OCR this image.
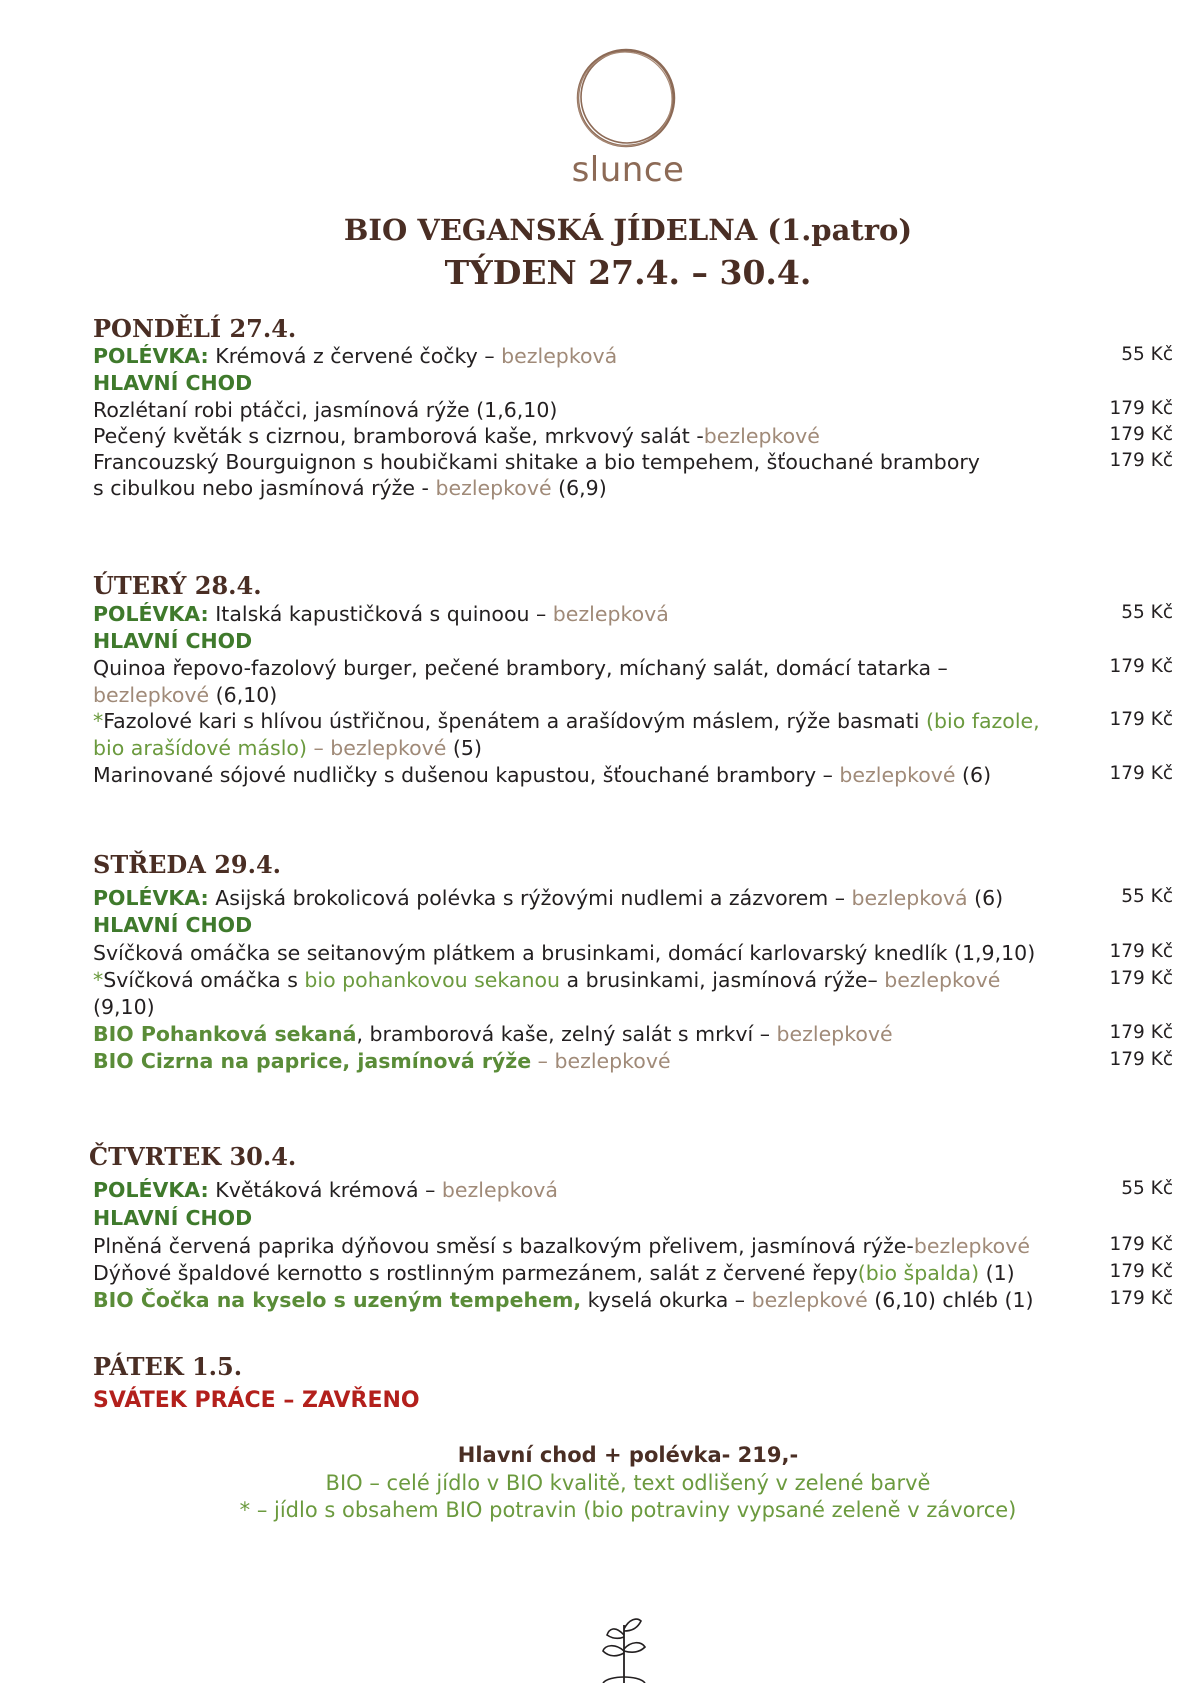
slunce
BIO VEGANSKÁ JÍDELNA (1.patro)
TÝDEN 27.4. – 30.4.
PONDĚLÍ 27.4.
POLÉVKA: Krémová z červené čočky – bezlepková	55 Kč
HLAVNÍ CHOD
Rozlétaní robi ptáčci, jasmínová rýže (1,6,10)	179 Kč
Pečený květák s cizrnou, bramborová kaše, mrkvový salát -bezlepkové	179 Kč
Francouzský Bourguignon s houbičkami shitake a bio tempehem, šťouchané brambory	179 Kč
s cibulkou nebo jasmínová rýže - bezlepkové (6,9)
ÚTERÝ 28.4.
POLÉVKA: Italská kapustičková s quinoou – bezlepková	55 Kč
HLAVNÍ CHOD
Quinoa řepovo-fazolový burger, pečené brambory, míchaný salát, domácí tatarka –	179 Kč
bezlepkové (6,10)
*Fazolové kari s hlívou ústřičnou, špenátem a arašídovým máslem, rýže basmati (bio fazole,	179 Kč
bio arašídové máslo) – bezlepkové (5)
Marinované sójové nudličky s dušenou kapustou, šťouchané brambory – bezlepkové (6)	179 Kč
STŘEDA 29.4.
POLÉVKA: Asijská brokolicová polévka s rýžovými nudlemi a zázvorem – bezlepková (6)	55 Kč
HLAVNÍ CHOD
Svíčková omáčka se seitanovým plátkem a brusinkami, domácí karlovarský knedlík (1,9,10)	179 Kč
*Svíčková omáčka s bio pohankovou sekanou a brusinkami, jasmínová rýže– bezlepkové	179 Kč
(9,10)
BIO Pohanková sekaná, bramborová kaše, zelný salát s mrkví – bezlepkové	179 Kč
BIO Cizrna na paprice, jasmínová rýže – bezlepkové	179 Kč
ČTVRTEK 30.4.
POLÉVKA: Květáková krémová – bezlepková	55 Kč
HLAVNÍ CHOD
Plněná červená paprika dýňovou směsí s bazalkovým přelivem, jasmínová rýže-bezlepkové	179 Kč
Dýňové špaldové kernotto s rostlinným parmezánem, salát z červené řepy(bio špalda) (1)	179 Kč
BIO Čočka na kyselo s uzeným tempehem, kyselá okurka – bezlepkové (6,10) chléb (1)	179 Kč
PÁTEK 1.5.
SVÁTEK PRÁCE – ZAVŘENO
Hlavní chod + polévka- 219,-
BIO – celé jídlo v BIO kvalitě, text odlišený v zelené barvě
* – jídlo s obsahem BIO potravin (bio potraviny vypsané zeleně v závorce)
